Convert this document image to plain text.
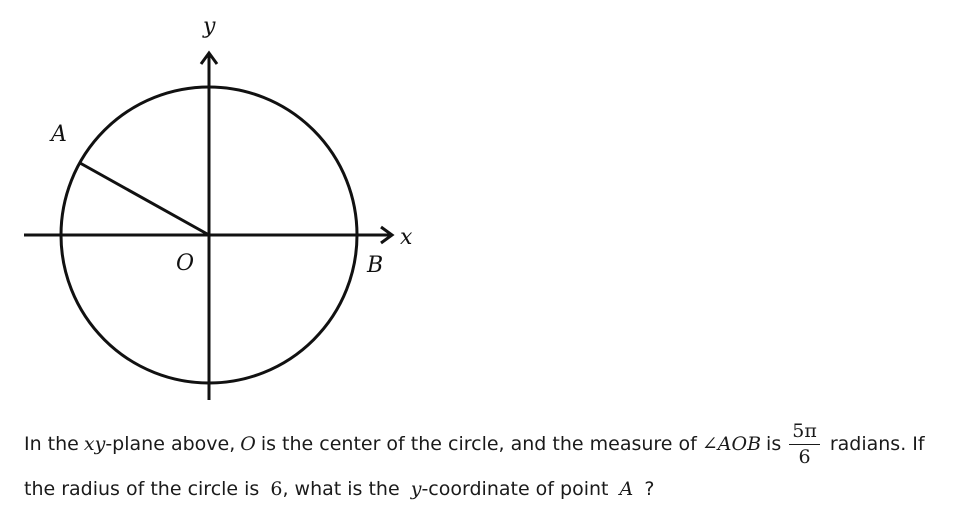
y
x
A
O	B
In the xy -plane above, O is the center of the circle, and the measure of ∠AOB is $\frac{5\pi}{6}$ radians. If
the radius of the circle is 6, what is the y-coordinate of point A ?
